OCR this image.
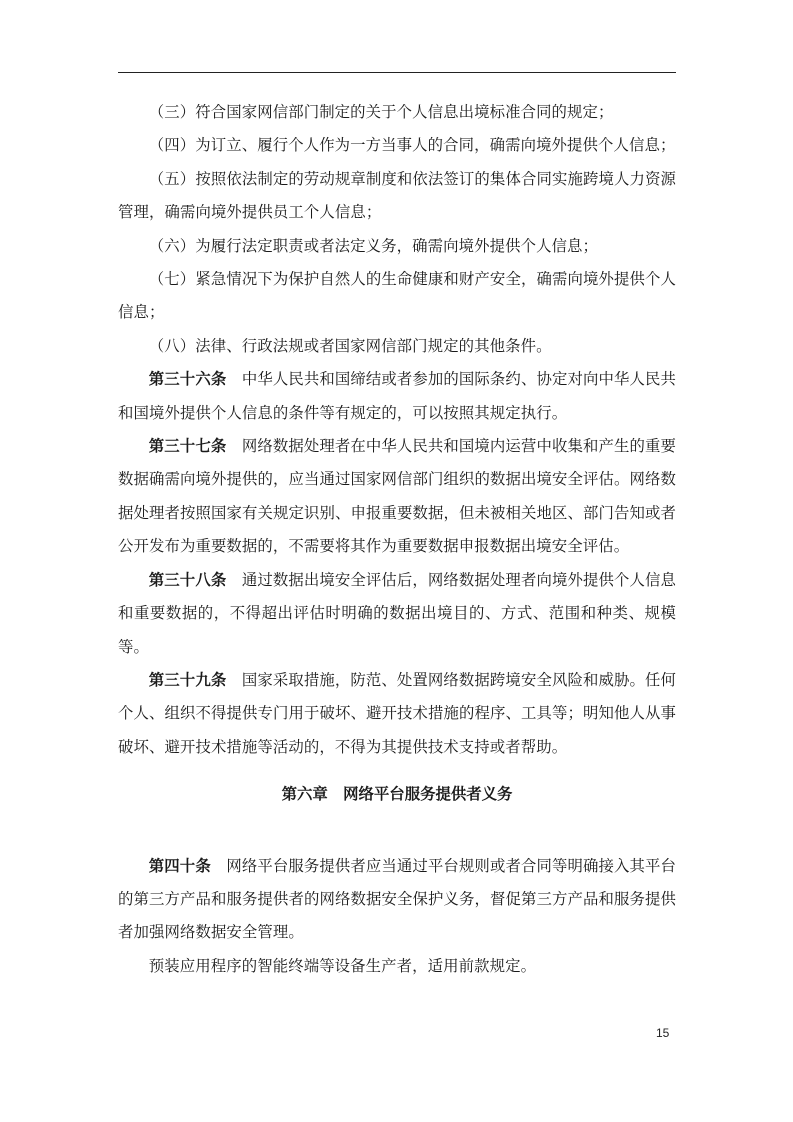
（三）符合国家网信部门制定的关于个人信息出境标准合同的规定；

（四）为订立、履行个人作为一方当事人的合同，确需向境外提供个人信息；

（五）按照依法制定的劳动规章制度和依法签订的集体合同实施跨境人力资源管理，确需向境外提供员工个人信息；

（六）为履行法定职责或者法定义务，确需向境外提供个人信息；

（七）紧急情况下为保护自然人的生命健康和财产安全，确需向境外提供个人信息；

（八）法律、行政法规或者国家网信部门规定的其他条件。

第三十六条　 中华人民共和国缔结或者参加的国际条约、协定对向中华人民共和国境外提供个人信息的条件等有规定的，可以按照其规定执行。

第三十七条　 网络数据处理者在中华人民共和国境内运营中收集和产生的重要数据确需向境外提供的，应当通过国家网信部门组织的数据出境安全评估。网络数据处理者按照国家有关规定识别、申报重要数据，但未被相关地区、部门告知或者公开发布为重要数据的，不需要将其作为重要数据申报数据出境安全评估。

第三十八条　 通过数据出境安全评估后，网络数据处理者向境外提供个人信息和重要数据的，不得超出评估时明确的数据出境目的、方式、范围和种类、规模等。

第三十九条　 国家采取措施，防范、处置网络数据跨境安全风险和威胁。任何个人、组织不得提供专门用于破坏、避开技术措施的程序、工具等；明知他人从事破坏、避开技术措施等活动的，不得为其提供技术支持或者帮助。

第六章　网络平台服务提供者义务

第四十条　 网络平台服务提供者应当通过平台规则或者合同等明确接入其平台的第三方产品和服务提供者的网络数据安全保护义务，督促第三方产品和服务提供者加强网络数据安全管理。

预装应用程序的智能终端等设备生产者，适用前款规定。

15
